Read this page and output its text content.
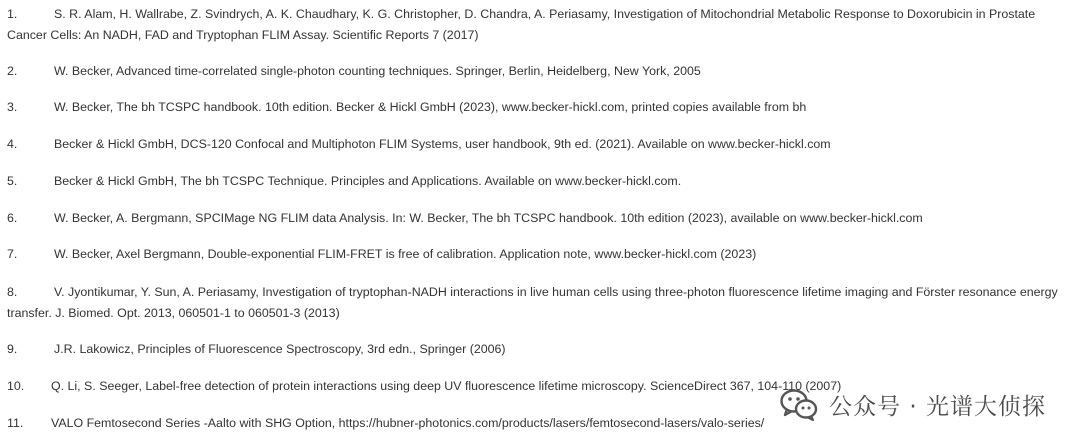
1.	S. R. Alam, H. Wallrabe, Z. Svindrych, A. K. Chaudhary, K. G. Christopher, D. Chandra, A. Periasamy, Investigation of Mitochondrial Metabolic Response to Doxorubicin in Prostate Cancer Cells: An NADH, FAD and Tryptophan FLIM Assay. Scientific Reports 7 (2017)
2.	W. Becker, Advanced time-correlated single-photon counting techniques. Springer, Berlin, Heidelberg, New York, 2005
3.	W. Becker, The bh TCSPC handbook. 10th edition. Becker & Hickl GmbH (2023), www.becker-hickl.com, printed copies available from bh
4.	Becker & Hickl GmbH, DCS-120 Confocal and Multiphoton FLIM Systems, user handbook, 9th ed. (2021). Available on www.becker-hickl.com
5.	Becker & Hickl GmbH, The bh TCSPC Technique. Principles and Applications. Available on www.becker-hickl.com.
6.	W. Becker, A. Bergmann, SPCIMage NG FLIM data Analysis. In: W. Becker, The bh TCSPC handbook. 10th edition (2023), available on www.becker-hickl.com
7.	W. Becker, Axel Bergmann, Double-exponential FLIM-FRET is free of calibration. Application note, www.becker-hickl.com (2023)
8.	V. Jyontikumar, Y. Sun, A. Periasamy, Investigation of tryptophan-NADH interactions in live human cells using three-photon fluorescence lifetime imaging and Förster resonance energy transfer. J. Biomed. Opt. 2013, 060501-1 to 060501-3 (2013)
9.	J.R. Lakowicz, Principles of Fluorescence Spectroscopy, 3rd edn., Springer (2006)
10. Q. Li, S. Seeger, Label-free detection of protein interactions using deep UV fluorescence lifetime microscopy. ScienceDirect 367, 104-110 (2007)
11. VALO Femtosecond Series -Aalto with SHG Option, https://hubner-photonics.com/products/lasers/femtosecond-lasers/valo-series/
公众号 · 光谱大侦探
